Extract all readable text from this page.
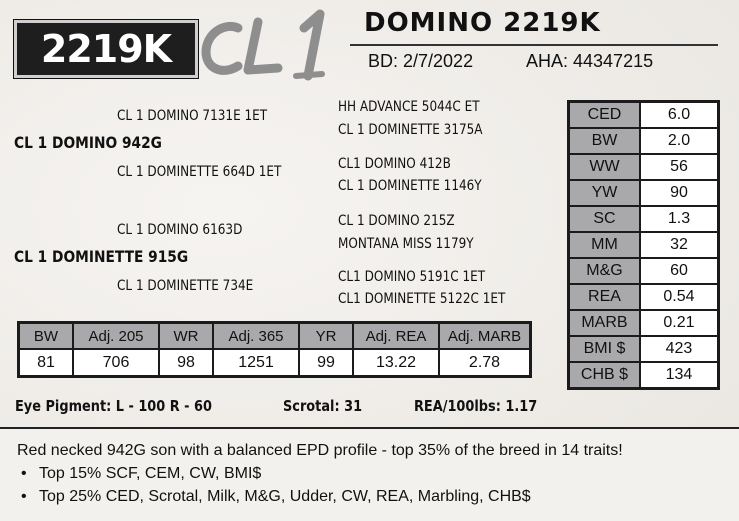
2219K
DOMINO 2219K
BD: 2/7/2022	AHA: 44347215
CL 1 DOMINO 7131E 1ET
CL 1 DOMINO 942G
CL 1 DOMINETTE 664D 1ET
HH ADVANCE 5044C ET
CL 1 DOMINETTE 3175A
CL1 DOMINO 412B
CL 1 DOMINETTE 1146Y
CL 1 DOMINO 6163D
CL 1 DOMINETTE 915G
CL 1 DOMINETTE 734E
CL 1 DOMINO 215Z
MONTANA MISS 1179Y
CL1 DOMINO 5191C 1ET
CL1 DOMINETTE 5122C 1ET
CED	6.0
BW	2.0
WW	56
YW	90
SC	1.3
MM	32
M&G	60
REA	0.54
MARB	0.21
BMI $	423
CHB $	134
BW	Adj. 205	WR	Adj. 365	YR	Adj. REA	Adj. MARB
81	706	98	1251	99	13.22	2.78
Eye Pigment: L - 100 R - 60	Scrotal: 31	REA/100lbs: 1.17
Red necked 942G son with a balanced EPD profile - top 35% of the breed in 14 traits!
• Top 15% SCF, CEM, CW, BMI$
• Top 25% CED, Scrotal, Milk, M&G, Udder, CW, REA, Marbling, CHB$
